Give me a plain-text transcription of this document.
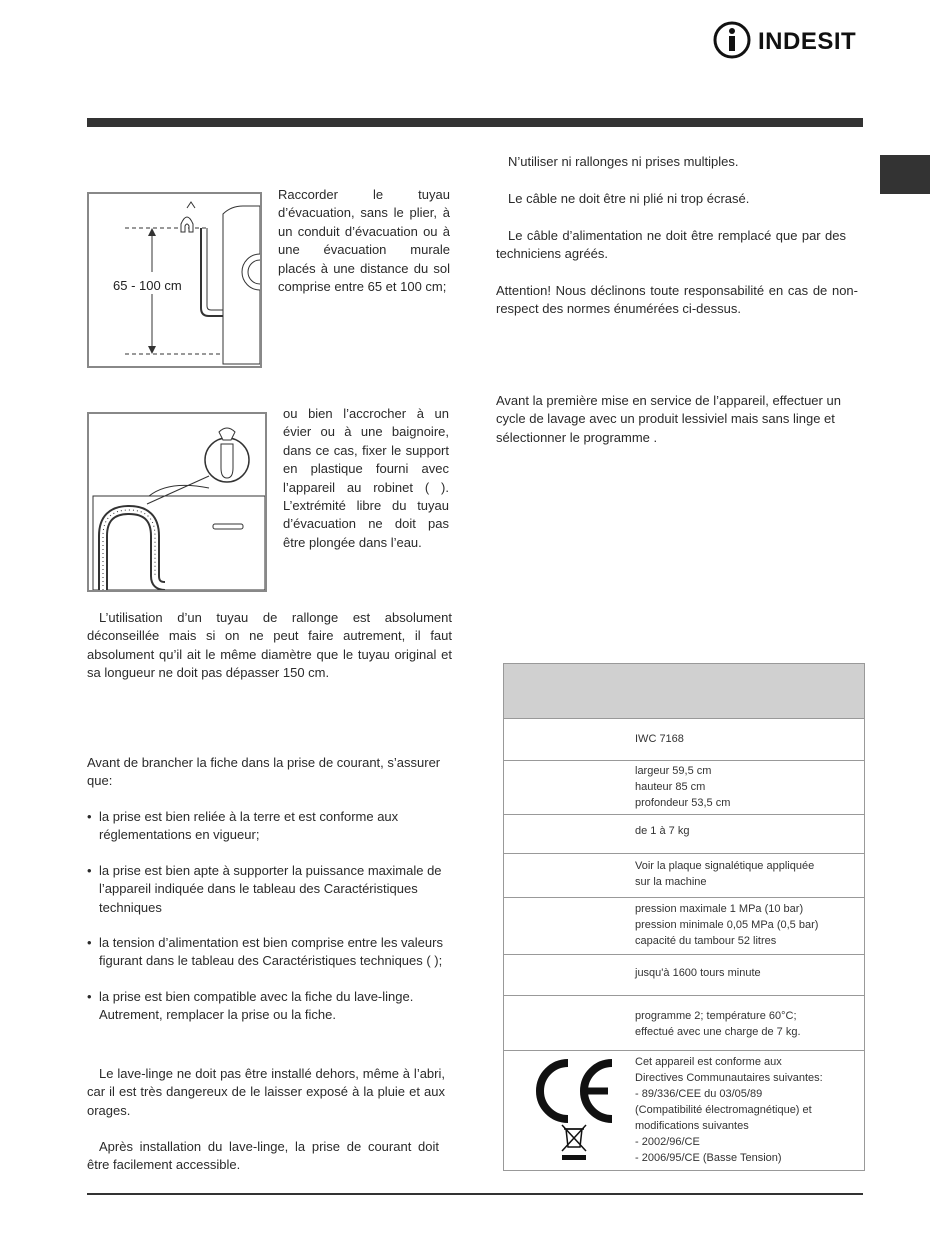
INDESIT
65 - 100 cm
Raccorder le tuyau d’évacuation, sans le plier, à un conduit d’évacuation ou à une évacuation murale placés à une distance du sol comprise entre 65 et 100 cm;
ou bien l’accrocher à un évier ou à une baignoire, dans ce cas, fixer le support en plastique fourni avec l’appareil au robinet ( ). L’extrémité libre du tuyau d’évacuation ne doit pas être plongée dans l’eau.
L’utilisation d’un tuyau de rallonge est absolument déconseillée mais si on ne peut faire autrement, il faut absolument qu’il ait le même diamètre que le tuyau original et sa longueur ne doit pas dépasser 150 cm.
Avant de brancher la fiche dans la prise de courant, s’assurer que:
• la prise est bien reliée à la terre et est conforme aux réglementations en vigueur;
• la prise est bien apte à supporter la puissance maximale de l’appareil indiquée dans le tableau des Caractéristiques techniques
• la tension d’alimentation est bien comprise entre les valeurs figurant dans le tableau des Caractéristiques techniques ( );
• la prise est bien compatible avec la fiche du lave-linge. Autrement, remplacer la prise ou la fiche.
Le lave-linge ne doit pas être installé dehors, même à l’abri, car il est très dangereux de le laisser exposé à la pluie et aux orages.
Après installation du lave-linge, la prise de courant doit être facilement accessible.
N’utiliser ni rallonges ni prises multiples.
Le câble ne doit être ni plié ni trop écrasé.
Le câble d’alimentation ne doit être remplacé que par des techniciens agréés.
Attention! Nous déclinons toute responsabilité en cas de non-respect des normes énumérées ci-dessus.
Avant la première mise en service de l’appareil, effectuer un cycle de lavage avec un produit lessiviel mais sans linge et sélectionner le programme .
IWC 7168
largeur 59,5 cm
hauteur 85 cm
profondeur 53,5 cm
de 1 à 7 kg
Voir la plaque signalétique appliquée
sur la machine
pression maximale 1 MPa (10 bar)
pression minimale 0,05 MPa (0,5 bar)
capacité du tambour 52 litres
jusqu'à 1600 tours minute
programme 2; température 60°C;
effectué avec une charge de 7 kg.
Cet appareil est conforme aux
Directives Communautaires suivantes:
- 89/336/CEE du 03/05/89
(Compatibilité électromagnétique) et
modifications suivantes
- 2002/96/CE
- 2006/95/CE (Basse Tension)
